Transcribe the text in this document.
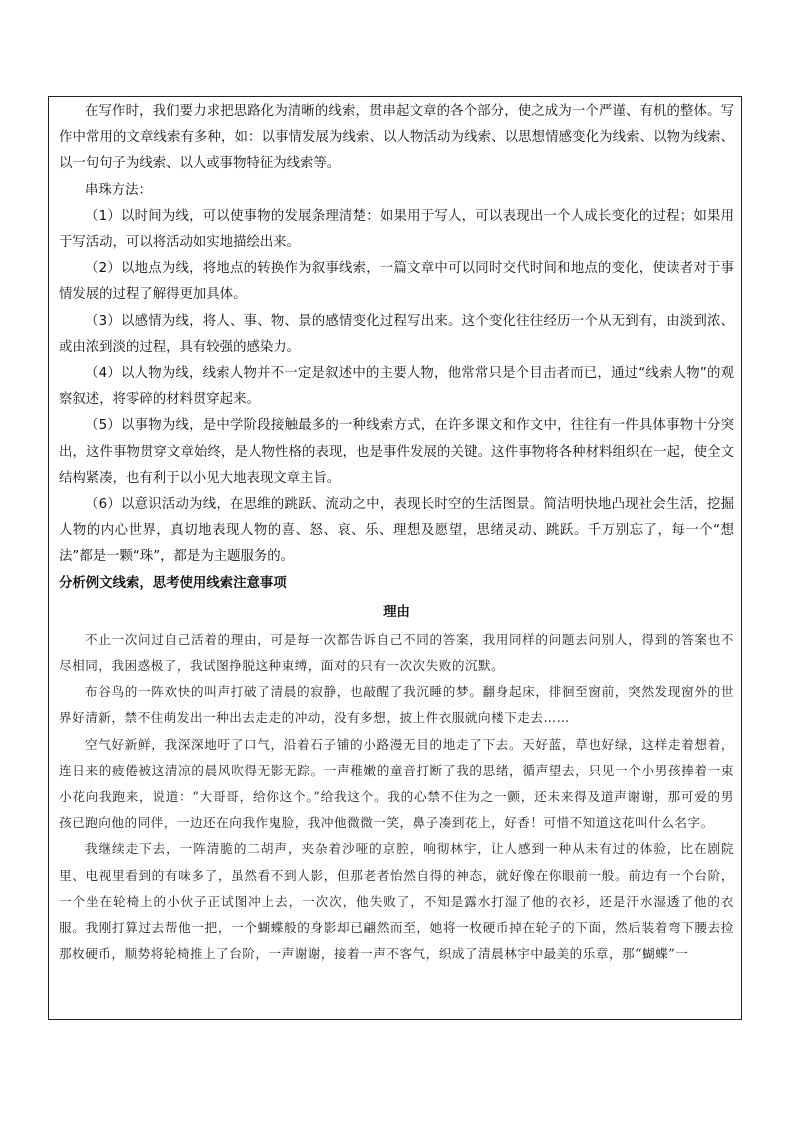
在写作时，我们要力求把思路化为清晰的线索，贯串起文章的各个部分，使之成为一个严谨、有机的整体。写作中常用的文章线索有多种，如：以事情发展为线索、以人物活动为线索、以思想情感变化为线索、以物为线索、以一句句子为线索、以人或事物特征为线索等。

串珠方法：

（1）以时间为线，可以使事物的发展条理清楚：如果用于写人，可以表现出一个人成长变化的过程；如果用于写活动，可以将活动如实地描绘出来。

（2）以地点为线，将地点的转换作为叙事线索，一篇文章中可以同时交代时间和地点的变化，使读者对于事情发展的过程了解得更加具体。

（3）以感情为线，将人、事、物、景的感情变化过程写出来。这个变化往往经历一个从无到有，由淡到浓、或由浓到淡的过程，具有较强的感染力。

（4）以人物为线，线索人物并不一定是叙述中的主要人物，他常常只是个目击者而已，通过“线索人物”的观察叙述，将零碎的材料贯穿起来。

（5）以事物为线，是中学阶段接触最多的一种线索方式，在许多课文和作文中，往往有一件具体事物十分突出，这件事物贯穿文章始终，是人物性格的表现，也是事件发展的关键。这件事物将各种材料组织在一起，使全文结构紧凑，也有利于以小见大地表现文章主旨。

（6）以意识活动为线，在思维的跳跃、流动之中，表现长时空的生活图景。简洁明快地凸现社会生活，挖掘人物的内心世界，真切地表现人物的喜、怒、哀、乐、理想及愿望，思绪灵动、跳跃。千万别忘了，每一个“想法”都是一颗“珠”，都是为主题服务的。

分析例文线索，思考使用线索注意事项

理由

不止一次问过自己活着的理由，可是每一次都告诉自己不同的答案，我用同样的问题去问别人，得到的答案也不尽相同，我困惑极了，我试图挣脱这种束缚，面对的只有一次次失败的沉默。

布谷鸟的一阵欢快的叫声打破了清晨的寂静，也敲醒了我沉睡的梦。翻身起床，徘徊至窗前，突然发现窗外的世界好清新，禁不住萌发出一种出去走走的冲动，没有多想，披上件衣服就向楼下走去……

空气好新鲜，我深深地吁了口气，沿着石子铺的小路漫无目的地走了下去。天好蓝，草也好绿，这样走着想着，连日来的疲倦被这清凉的晨风吹得无影无踪。一声稚嫩的童音打断了我的思绪，循声望去，只见一个小男孩捧着一束小花向我跑来，说道：“大哥哥，给你这个。”给我这个。我的心禁不住为之一颤，还未来得及道声谢谢，那可爱的男孩已跑向他的同伴，一边还在向我作鬼脸，我冲他微微一笑，鼻子凑到花上，好香！可惜不知道这花叫什么名字。

我继续走下去，一阵清脆的二胡声，夹杂着沙哑的京腔，响彻林宇，让人感到一种从未有过的体验，比在剧院里、电视里看到的有味多了，虽然看不到人影，但那老者怡然自得的神态，就好像在你眼前一般。前边有一个台阶，一个坐在轮椅上的小伙子正试图冲上去，一次次，他失败了，不知是露水打湿了他的衣衫，还是汗水湿透了他的衣服。我刚打算过去帮他一把，一个蝴蝶般的身影却已翩然而至，她将一枚硬币掉在轮子的下面，然后装着弯下腰去捡那枚硬币，顺势将轮椅推上了台阶，一声谢谢，接着一声不客气，织成了清晨林宇中最美的乐章，那“蝴蝶”一
